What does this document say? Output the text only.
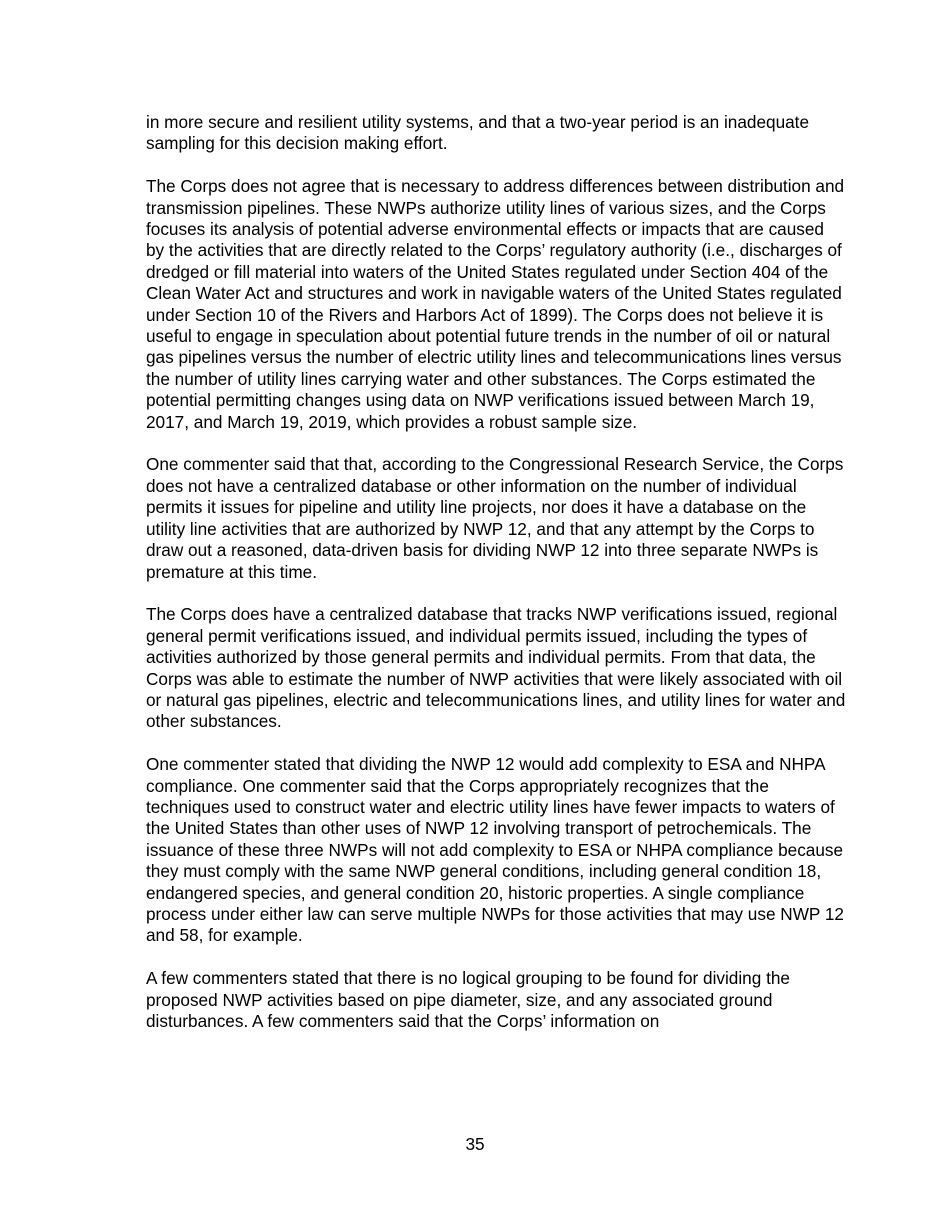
in more secure and resilient utility systems, and that a two-year period is an inadequate sampling for this decision making effort.

The Corps does not agree that is necessary to address differences between distribution and transmission pipelines. These NWPs authorize utility lines of various sizes, and the Corps focuses its analysis of potential adverse environmental effects or impacts that are caused by the activities that are directly related to the Corps’ regulatory authority (i.e., discharges of dredged or fill material into waters of the United States regulated under Section 404 of the Clean Water Act and structures and work in navigable waters of the United States regulated under Section 10 of the Rivers and Harbors Act of 1899). The Corps does not believe it is useful to engage in speculation about potential future trends in the number of oil or natural gas pipelines versus the number of electric utility lines and telecommunications lines versus the number of utility lines carrying water and other substances. The Corps estimated the potential permitting changes using data on NWP verifications issued between March 19, 2017, and March 19, 2019, which provides a robust sample size.

One commenter said that that, according to the Congressional Research Service, the Corps does not have a centralized database or other information on the number of individual permits it issues for pipeline and utility line projects, nor does it have a database on the utility line activities that are authorized by NWP 12, and that any attempt by the Corps to draw out a reasoned, data-driven basis for dividing NWP 12 into three separate NWPs is premature at this time.

The Corps does have a centralized database that tracks NWP verifications issued, regional general permit verifications issued, and individual permits issued, including the types of activities authorized by those general permits and individual permits. From that data, the Corps was able to estimate the number of NWP activities that were likely associated with oil or natural gas pipelines, electric and telecommunications lines, and utility lines for water and other substances.

One commenter stated that dividing the NWP 12 would add complexity to ESA and NHPA compliance. One commenter said that the Corps appropriately recognizes that the techniques used to construct water and electric utility lines have fewer impacts to waters of the United States than other uses of NWP 12 involving transport of petrochemicals. The issuance of these three NWPs will not add complexity to ESA or NHPA compliance because they must comply with the same NWP general conditions, including general condition 18, endangered species, and general condition 20, historic properties. A single compliance process under either law can serve multiple NWPs for those activities that may use NWP 12 and 58, for example.

A few commenters stated that there is no logical grouping to be found for dividing the proposed NWP activities based on pipe diameter, size, and any associated ground disturbances. A few commenters said that the Corps’ information on

35
